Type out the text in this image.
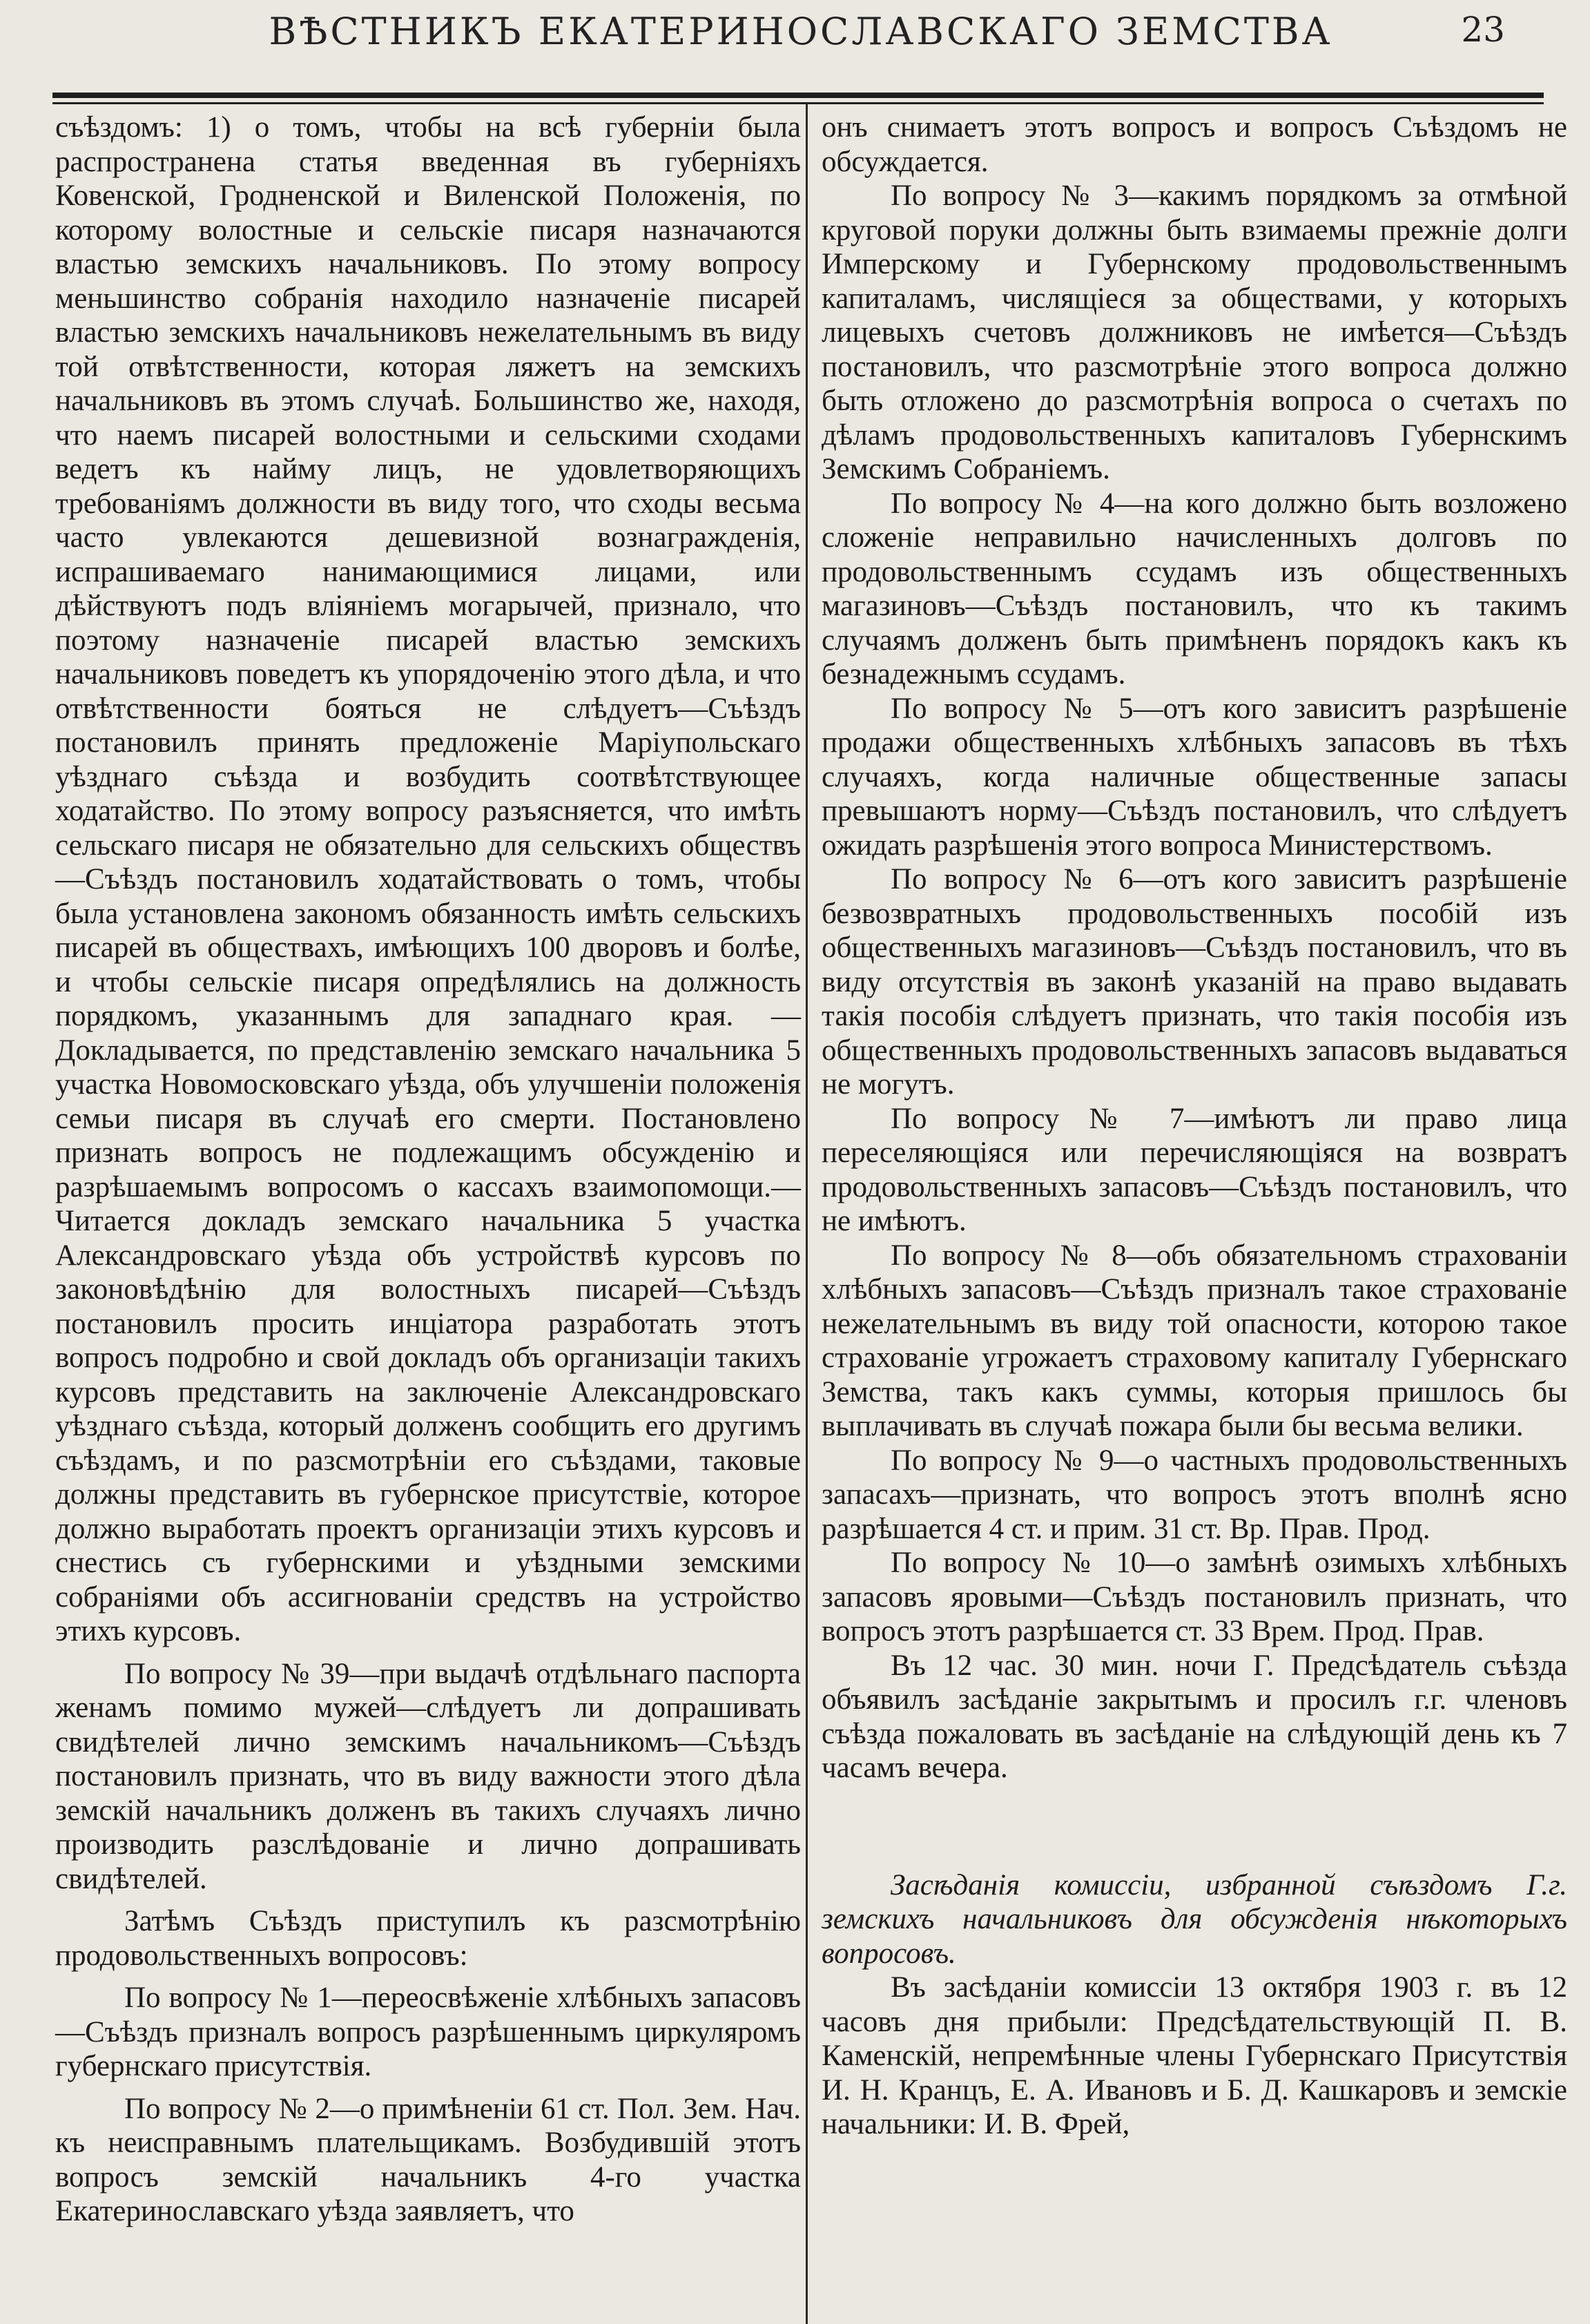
ВѢСТНИКЪ ЕКАТЕРИНОСЛАВСКАГО ЗЕМСТВА	23

съѣздомъ: 1) о томъ, чтобы на всѣ губерніи была распространена статья введенная въ губерніяхъ Ковенской, Гродненской и Виленской Положенія, по которому волостные и сельскіе писаря назначаются властью земскихъ начальниковъ. По этому вопросу меньшинство собранія находило назначеніе писарей властью земскихъ начальниковъ нежелательнымъ въ виду той отвѣтственности, которая ляжетъ на земскихъ начальниковъ въ этомъ случаѣ. Большинство же, находя, что наемъ писарей волостными и сельскими сходами ведетъ къ найму лицъ, не удовлетворяющихъ требованіямъ должности въ виду того, что сходы весьма часто увлекаются дешевизной вознагражденія, испрашиваемаго нанимающимися лицами, или дѣйствуютъ подъ вліяніемъ могарычей, признало, что поэтому назначеніе писарей властью земскихъ начальниковъ поведетъ къ упорядоченію этого дѣла, и что отвѣтственности бояться не слѣдуетъ—Съѣздъ постановилъ принять предложеніе Маріупольскаго уѣзднаго съѣзда и возбудить соотвѣтствующее ходатайство. По этому вопросу разъясняется, что имѣть сельскаго писаря не обязательно для сельскихъ обществъ—Съѣздъ постановилъ ходатайствовать о томъ, чтобы была установлена закономъ обязанность имѣть сельскихъ писарей въ обществахъ, имѣющихъ 100 дворовъ и болѣе, и чтобы сельскіе писаря опредѣлялись на должность порядкомъ, указаннымъ для западнаго края. —Докладывается, по представленію земскаго начальника 5 участка Новомосковскаго уѣзда, объ улучшеніи положенія семьи писаря въ случаѣ его смерти. Постановлено признать вопросъ не подлежащимъ обсужденію и разрѣшаемымъ вопросомъ о кассахъ взаимопомощи.—Читается докладъ земскаго начальника 5 участка Александровскаго уѣзда объ устройствѣ курсовъ по законовѣдѣнію для волостныхъ писарей—Съѣздъ постановилъ просить инціатора разработать этотъ вопросъ подробно и свой докладъ объ организаціи такихъ курсовъ представить на заключеніе Александровскаго уѣзднаго съѣзда, который долженъ сообщить его другимъ съѣздамъ, и по разсмотрѣніи его съѣздами, таковые должны представить въ губернское присутствіе, которое должно выработать проектъ организаціи этихъ курсовъ и снестись съ губернскими и уѣздными земскими собраніями объ ассигнованіи средствъ на устройство этихъ курсовъ.

По вопросу № 39—при выдачѣ отдѣльнаго паспорта женамъ помимо мужей—слѣдуетъ ли допрашивать свидѣтелей лично земскимъ начальникомъ—Съѣздъ постановилъ признать, что въ виду важности этого дѣла земскій начальникъ долженъ въ такихъ случаяхъ лично производить разслѣдованіе и лично допрашивать свидѣтелей.

Затѣмъ Съѣздъ приступилъ къ разсмотрѣнію продовольственныхъ вопросовъ:

По вопросу № 1—переосвѣженіе хлѣбныхъ запасовъ—Съѣздъ призналъ вопросъ разрѣшеннымъ циркуляромъ губернскаго присутствія.

По вопросу № 2—о примѣненіи 61 ст. Пол. Зем. Нач. къ неисправнымъ плательщикамъ. Возбудившій этотъ вопросъ земскій начальникъ 4-го участка Екатеринославскаго уѣзда заявляетъ, что

онъ снимаетъ этотъ вопросъ и вопросъ Съѣздомъ не обсуждается.

По вопросу № 3—какимъ порядкомъ за отмѣной круговой поруки должны быть взимаемы прежніе долги Имперскому и Губернскому продовольственнымъ капиталамъ, числящіеся за обществами, у которыхъ лицевыхъ счетовъ должниковъ не имѣется—Съѣздъ постановилъ, что разсмотрѣніе этого вопроса должно быть отложено до разсмотрѣнія вопроса о счетахъ по дѣламъ продовольственныхъ капиталовъ Губернскимъ Земскимъ Собраніемъ.

По вопросу № 4—на кого должно быть возложено сложеніе неправильно начисленныхъ долговъ по продовольственнымъ ссудамъ изъ общественныхъ магазиновъ—Съѣздъ постановилъ, что къ такимъ случаямъ долженъ быть примѣненъ порядокъ какъ къ безнадежнымъ ссудамъ.

По вопросу № 5—отъ кого зависитъ разрѣшеніе продажи общественныхъ хлѣбныхъ запасовъ въ тѣхъ случаяхъ, когда наличные общественные запасы превышаютъ норму—Съѣздъ постановилъ, что слѣдуетъ ожидать разрѣшенія этого вопроса Министерствомъ.

По вопросу № 6—отъ кого зависитъ разрѣшеніе безвозвратныхъ продовольственныхъ пособій изъ общественныхъ магазиновъ—Съѣздъ постановилъ, что въ виду отсутствія въ законѣ указаній на право выдавать такія пособія слѣдуетъ признать, что такія пособія изъ общественныхъ продовольственныхъ запасовъ выдаваться не могутъ.

По вопросу № 7—имѣютъ ли право лица переселяющіяся или перечисляющіяся на возвратъ продовольственныхъ запасовъ—Съѣздъ постановилъ, что не имѣютъ.

По вопросу № 8—объ обязательномъ страхованіи хлѣбныхъ запасовъ—Съѣздъ призналъ такое страхованіе нежелательнымъ въ виду той опасности, которою такое страхованіе угрожаетъ страховому капиталу Губернскаго Земства, такъ какъ суммы, которыя пришлось бы выплачивать въ случаѣ пожара были бы весьма велики.

По вопросу № 9—о частныхъ продовольственныхъ запасахъ—признать, что вопросъ этотъ вполнѣ ясно разрѣшается 4 ст. и прим. 31 ст. Вр. Прав. Прод.

По вопросу № 10—о замѣнѣ озимыхъ хлѣбныхъ запасовъ яровыми—Съѣздъ постановилъ признать, что вопросъ этотъ разрѣшается ст. 33 Врем. Прод. Прав.

Въ 12 час. 30 мин. ночи Г. Предсѣдатель съѣзда объявилъ засѣданіе закрытымъ и просилъ г.г. членовъ съѣзда пожаловать въ засѣданіе на слѣдующій день къ 7 часамъ вечера.

Засѣданія комиссіи, избранной съѣздомъ Г.г. земскихъ начальниковъ для обсужденія нѣкоторыхъ вопросовъ.

Въ засѣданіи комиссіи 13 октября 1903 г. въ 12 часовъ дня прибыли: Предсѣдательствующій П. В. Каменскій, непремѣнные члены Губернскаго Присутствія И. Н. Кранцъ, Е. А. Ивановъ и Б. Д. Кашкаровъ и земскіе начальники: И. В. Фрей,
